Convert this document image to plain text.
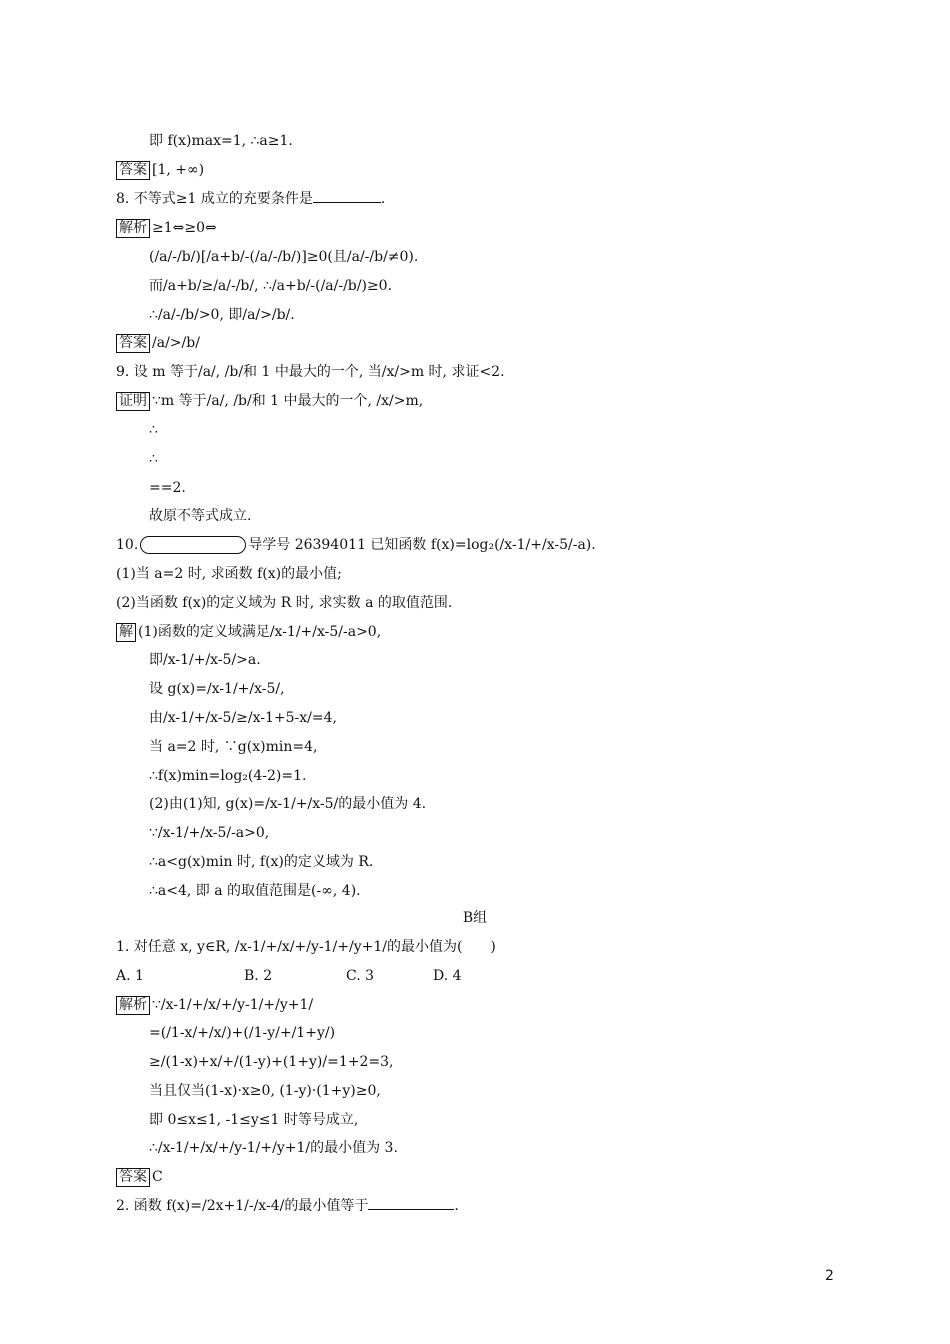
即 f(x)max=1, ∴a≥1.
答案 [1, +∞)
8. 不等式≥1 成立的充要条件是	.
解析 ≥1⇔≥0⇔
(/a/-/b/)[/a+b/-(/a/-/b/)]≥0(且/a/-/b/≠0).
而/a+b/≥/a/-/b/, ∴/a+b/-(/a/-/b/)≥0.
∴/a/-/b/>0, 即/a/>/b/.
答案 /a/>/b/
9. 设 m 等于/a/, /b/和 1 中最大的一个, 当/x/>m 时, 求证<2.
证明 ∵m 等于/a/, /b/和 1 中最大的一个, /x/>m,
∴
∴
==2.
故原不等式成立.
10.	导学号 26394011 已知函数 f(x)=log₂(/x-1/+/x-5/-a).
(1)当 a=2 时, 求函数 f(x)的最小值;
(2)当函数 f(x)的定义域为 R 时, 求实数 a 的取值范围.
解 (1)函数的定义域满足/x-1/+/x-5/-a>0,
即/x-1/+/x-5/>a.
设 g(x)=/x-1/+/x-5/,
由/x-1/+/x-5/≥/x-1+5-x/=4,
当 a=2 时, ∵g(x)min=4,
∴f(x)min=log₂(4-2)=1.
(2)由(1)知, g(x)=/x-1/+/x-5/的最小值为 4.
∵/x-1/+/x-5/-a>0,
∴a<g(x)min 时, f(x)的定义域为 R.
∴a<4, 即 a 的取值范围是(-∞, 4).
B组
1. 对任意 x, y∈R, /x-1/+/x/+/y-1/+/y+1/的最小值为(　　)
A. 1	B. 2	C. 3	D. 4
解析 ∵/x-1/+/x/+/y-1/+/y+1/
=(/1-x/+/x/)+(/1-y/+/1+y/)
≥/(1-x)+x/+/(1-y)+(1+y)/=1+2=3,
当且仅当(1-x)·x≥0, (1-y)·(1+y)≥0,
即 0≤x≤1, -1≤y≤1 时等号成立,
∴/x-1/+/x/+/y-1/+/y+1/的最小值为 3.
答案 C
2. 函数 f(x)=/2x+1/-/x-4/的最小值等于	.
2
